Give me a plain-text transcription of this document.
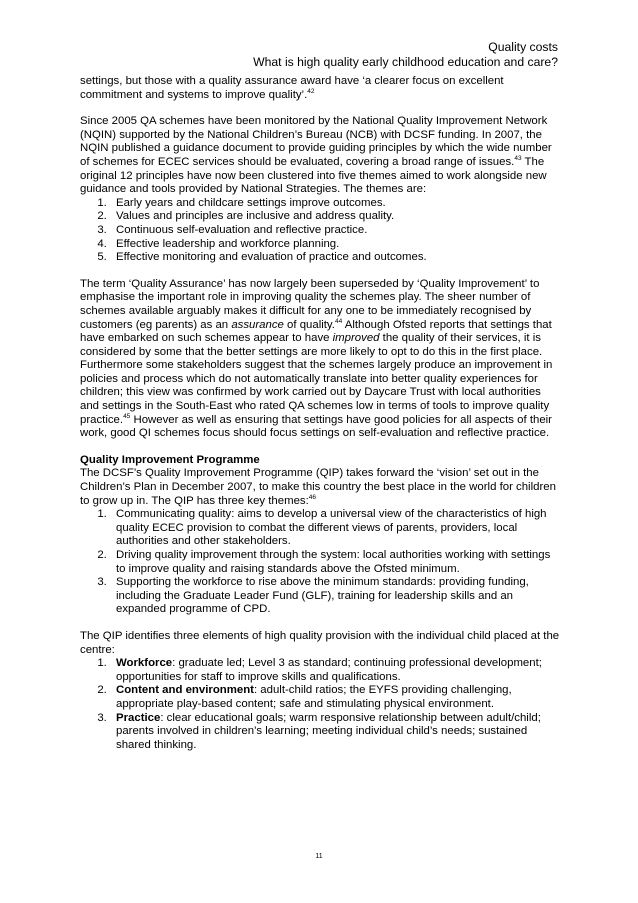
Quality costs
What is high quality early childhood education and care?

settings, but those with a quality assurance award have ‘a clearer focus on excellent commitment and systems to improve quality’.$^{42}$

Since 2005 QA schemes have been monitored by the National Quality Improvement Network (NQIN) supported by the National Children’s Bureau (NCB) with DCSF funding. In 2007, the NQIN published a guidance document to provide guiding principles by which the wide number of schemes for ECEC services should be evaluated, covering a broad range of issues.$^{43}$ The original 12 principles have now been clustered into five themes aimed to work alongside new guidance and tools provided by National Strategies. The themes are:

1. Early years and childcare settings improve outcomes.
2. Values and principles are inclusive and address quality.
3. Continuous self-evaluation and reflective practice.
4. Effective leadership and workforce planning.
5. Effective monitoring and evaluation of practice and outcomes.

The term ‘Quality Assurance’ has now largely been superseded by ‘Quality Improvement’ to emphasise the important role in improving quality the schemes play. The sheer number of schemes available arguably makes it difficult for any one to be immediately recognised by customers (eg parents) as an assurance of quality.$^{44}$ Although Ofsted reports that settings that have embarked on such schemes appear to have improved the quality of their services, it is considered by some that the better settings are more likely to opt to do this in the first place. Furthermore some stakeholders suggest that the schemes largely produce an improvement in policies and process which do not automatically translate into better quality experiences for children; this view was confirmed by work carried out by Daycare Trust with local authorities and settings in the South-East who rated QA schemes low in terms of tools to improve quality practice.$^{45}$ However as well as ensuring that settings have good policies for all aspects of their work, good QI schemes focus should focus settings on self-evaluation and reflective practice.

Quality Improvement Programme
The DCSF’s Quality Improvement Programme (QIP) takes forward the ‘vision’ set out in the Children’s Plan in December 2007, to make this country the best place in the world for children to grow up in. The QIP has three key themes:$^{46}$
1. Communicating quality: aims to develop a universal view of the characteristics of high quality ECEC provision to combat the different views of parents, providers, local authorities and other stakeholders.
2. Driving quality improvement through the system: local authorities working with settings to improve quality and raising standards above the Ofsted minimum.
3. Supporting the workforce to rise above the minimum standards: providing funding, including the Graduate Leader Fund (GLF), training for leadership skills and an expanded programme of CPD.
The QIP identifies three elements of high quality provision with the individual child placed at the centre:
1. Workforce: graduate led; Level 3 as standard; continuing professional development; opportunities for staff to improve skills and qualifications.
2. Content and environment: adult-child ratios; the EYFS providing challenging, appropriate play-based content; safe and stimulating physical environment.
3. Practice: clear educational goals; warm responsive relationship between adult/child; parents involved in children’s learning; meeting individual child’s needs; sustained shared thinking.
11
